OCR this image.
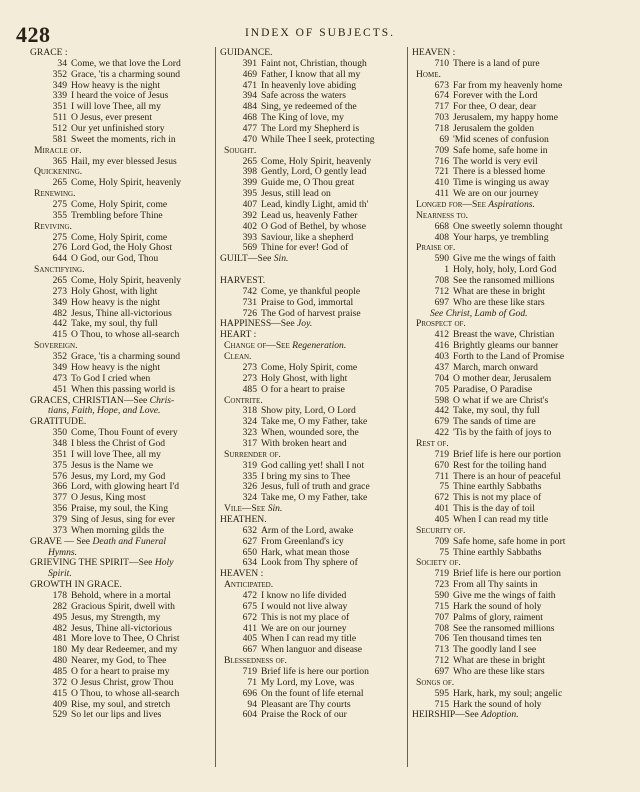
428	INDEX OF SUBJECTS.
GRACE :
34 Come, we that love the Lord
352 Grace, 'tis a charming sound
349 How heavy is the night
339 I heard the voice of Jesus
351 I will love Thee, all my
511 O Jesus, ever present
512 Our yet unfinished story
581 Sweet the moments, rich in
Miracle of.
365 Hail, my ever blessed Jesus
Quickening.
265 Come, Holy Spirit, heavenly
Renewing.
275 Come, Holy Spirit, come
355 Trembling before Thine
Reviving.
275 Come, Holy Spirit, come
276 Lord God, the Holy Ghost
644 O God, our God, Thou
Sanctifying.
265 Come, Holy Spirit, heavenly
273 Holy Ghost, with light
349 How heavy is the night
482 Jesus, Thine all-victorious
442 Take, my soul, thy full
415 O Thou, to whose all-search
Sovereign.
352 Grace, 'tis a charming sound
349 How heavy is the night
473 To God I cried when
451 When this passing world is
GRACES, CHRISTIAN—See Chris-
tians, Faith, Hope, and Love.
GRATITUDE.
350 Come, Thou Fount of every
348 I bless the Christ of God
351 I will love Thee, all my
375 Jesus is the Name we
576 Jesus, my Lord, my God
366 Lord, with glowing heart I'd
377 O Jesus, King most
356 Praise, my soul, the King
379 Sing of Jesus, sing for ever
373 When morning gilds the
GRAVE — See Death and Funeral
Hymns.
GRIEVING THE SPIRIT—See Holy
Spirit.
GROWTH IN GRACE.
178 Behold, where in a mortal
282 Gracious Spirit, dwell with
495 Jesus, my Strength, my
482 Jesus, Thine all-victorious
481 More love to Thee, O Christ
180 My dear Redeemer, and my
480 Nearer, my God, to Thee
485 O for a heart to praise my
372 O Jesus Christ, grow Thou
415 O Thou, to whose all-search
409 Rise, my soul, and stretch
529 So let our lips and lives
GUIDANCE.
391 Faint not, Christian, though
469 Father, I know that all my
471 In heavenly love abiding
394 Safe across the waters
484 Sing, ye redeemed of the
468 The King of love, my
477 The Lord my Shepherd is
470 While Thee I seek, protecting
Sought.
265 Come, Holy Spirit, heavenly
398 Gently, Lord, O gently lead
399 Guide me, O Thou great
395 Jesus, still lead on
407 Lead, kindly Light, amid th'
392 Lead us, heavenly Father
402 O God of Bethel, by whose
393 Saviour, like a shepherd
569 Thine for ever! God of
GUILT—See Sin.
HARVEST.
742 Come, ye thankful people
731 Praise to God, immortal
726 The God of harvest praise
HAPPINESS—See Joy.
HEART :
Change of—See Regeneration.
Clean.
273 Come, Holy Spirit, come
273 Holy Ghost, with light
485 O for a heart to praise
Contrite.
318 Show pity, Lord, O Lord
324 Take me, O my Father, take
323 When, wounded sore, the
317 With broken heart and
Surrender of.
319 God calling yet! shall I not
335 I bring my sins to Thee
326 Jesus, full of truth and grace
324 Take me, O my Father, take
Vile—See Sin.
HEATHEN.
632 Arm of the Lord, awake
627 From Greenland's icy
650 Hark, what mean those
634 Look from Thy sphere of
HEAVEN :
Anticipated.
472 I know no life divided
675 I would not live alway
672 This is not my place of
411 We are on our journey
405 When I can read my title
667 When languor and disease
Blessedness of.
719 Brief life is here our portion
71 My Lord, my Love, was
696 On the fount of life eternal
94 Pleasant are Thy courts
604 Praise the Rock of our
HEAVEN :
710 There is a land of pure
Home.
673 Far from my heavenly home
674 Forever with the Lord
717 For thee, O dear, dear
703 Jerusalem, my happy home
718 Jerusalem the golden
69 'Mid scenes of confusion
709 Safe home, safe home in
716 The world is very evil
721 There is a blessed home
410 Time is winging us away
411 We are on our journey
Longed for—See Aspirations.
Nearness to.
668 One sweetly solemn thought
408 Your harps, ye trembling
Praise of.
590 Give me the wings of faith
1 Holy, holy, holy, Lord God
708 See the ransomed millions
712 What are these in bright
697 Who are these like stars
See Christ, Lamb of God.
Prospect of.
412 Breast the wave, Christian
416 Brightly gleams our banner
403 Forth to the Land of Promise
437 March, march onward
704 O mother dear, Jerusalem
705 Paradise, O Paradise
598 O what if we are Christ's
442 Take, my soul, thy full
679 The sands of time are
422 'Tis by the faith of joys to
Rest of.
719 Brief life is here our portion
670 Rest for the toiling hand
711 There is an hour of peaceful
75 Thine earthly Sabbaths
672 This is not my place of
401 This is the day of toil
405 When I can read my title
Security of.
709 Safe home, safe home in port
75 Thine earthly Sabbaths
Society of.
719 Brief life is here our portion
723 From all Thy saints in
590 Give me the wings of faith
715 Hark the sound of holy
707 Palms of glory, raiment
708 See the ransomed millions
706 Ten thousand times ten
713 The goodly land I see
712 What are these in bright
697 Who are these like stars
Songs of.
595 Hark, hark, my soul; angelic
715 Hark the sound of holy
HEIRSHIP—See Adoption.
